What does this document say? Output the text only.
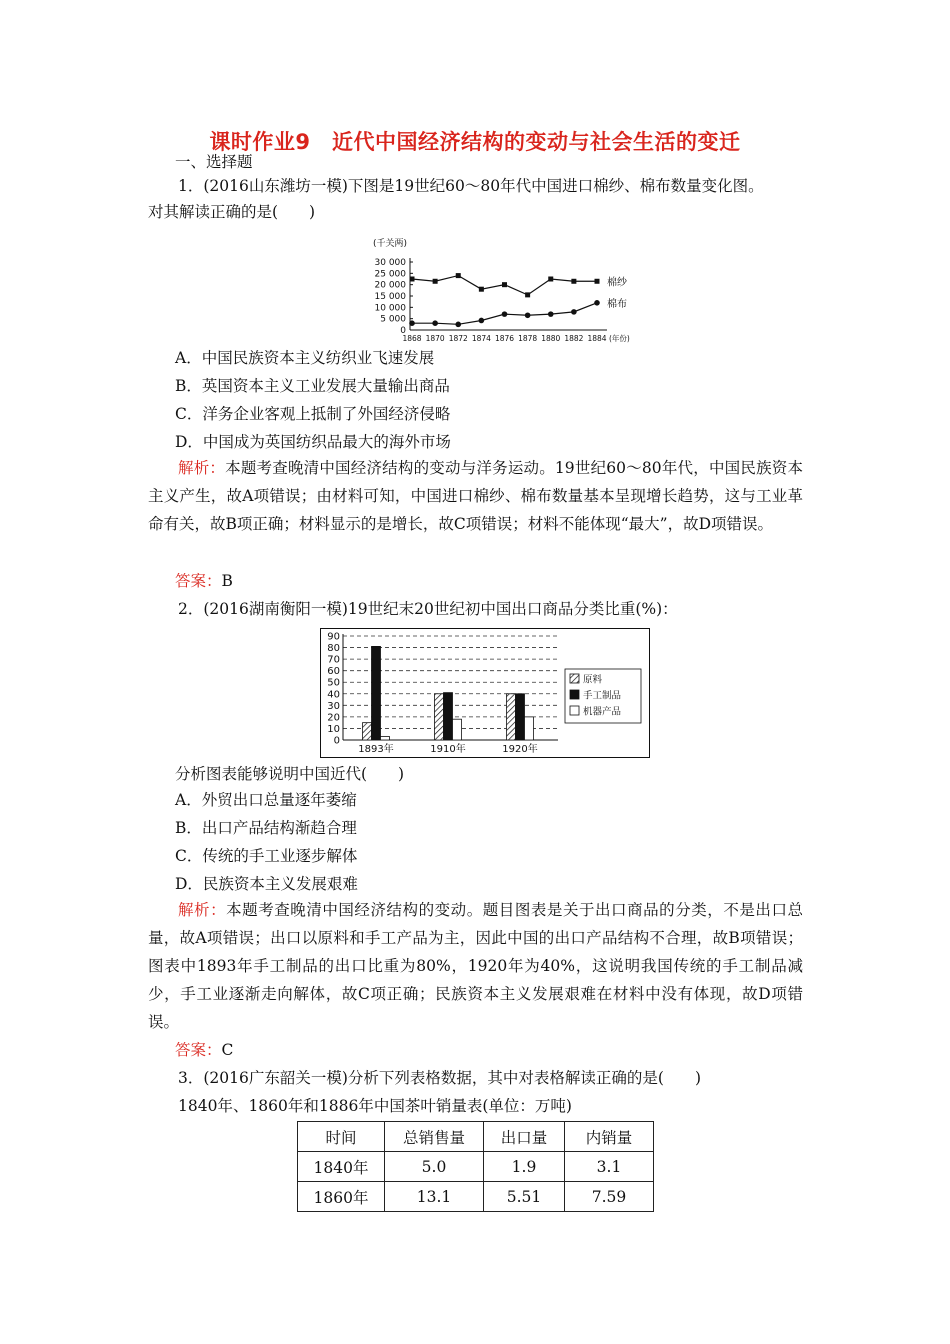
课时作业9　近代中国经济结构的变动与社会生活的变迁
一、选择题
1．(2016山东潍坊一模)下图是19世纪60～80年代中国进口棉纱、棉布数量变化图。
对其解读正确的是(　　)
(千关两)
30 000
25 000
20 000
15 000
10 000
5 000
0
1868 1870 1872 1874 1876 1878 1880 1882 1884 (年份)
棉纱
棉布
A．中国民族资本主义纺织业飞速发展
B．英国资本主义工业发展大量输出商品
C．洋务企业客观上抵制了外国经济侵略
D．中国成为英国纺织品最大的海外市场
解析：本题考查晚清中国经济结构的变动与洋务运动。19世纪60～80年代，中国民族资本主义产生，故A项错误；由材料可知，中国进口棉纱、棉布数量基本呈现增长趋势，这与工业革命有关，故B项正确；材料显示的是增长，故C项错误；材料不能体现“最大”，故D项错误。
答案：B
2．(2016湖南衡阳一模)19世纪末20世纪初中国出口商品分类比重(%)：
90
80
70
60
50
40
30
20
10
0
1893年	1910年	1920年
原料
手工制品
机器产品
分析图表能够说明中国近代(　　)
A．外贸出口总量逐年萎缩
B．出口产品结构渐趋合理
C．传统的手工业逐步解体
D．民族资本主义发展艰难
解析：本题考查晚清中国经济结构的变动。题目图表是关于出口商品的分类，不是出口总量，故A项错误；出口以原料和手工产品为主，因此中国的出口产品结构不合理，故B项错误；图表中1893年手工制品的出口比重为80%，1920年为40%，这说明我国传统的手工制品减少，手工业逐渐走向解体，故C项正确；民族资本主义发展艰难在材料中没有体现，故D项错误。
答案：C
3．(2016广东韶关一模)分析下列表格数据，其中对表格解读正确的是(　　)
1840年、1860年和1886年中国茶叶销量表(单位：万吨)
时间	总销售量	出口量	内销量
1840年	5.0	1.9	3.1
1860年	13.1	5.51	7.59
